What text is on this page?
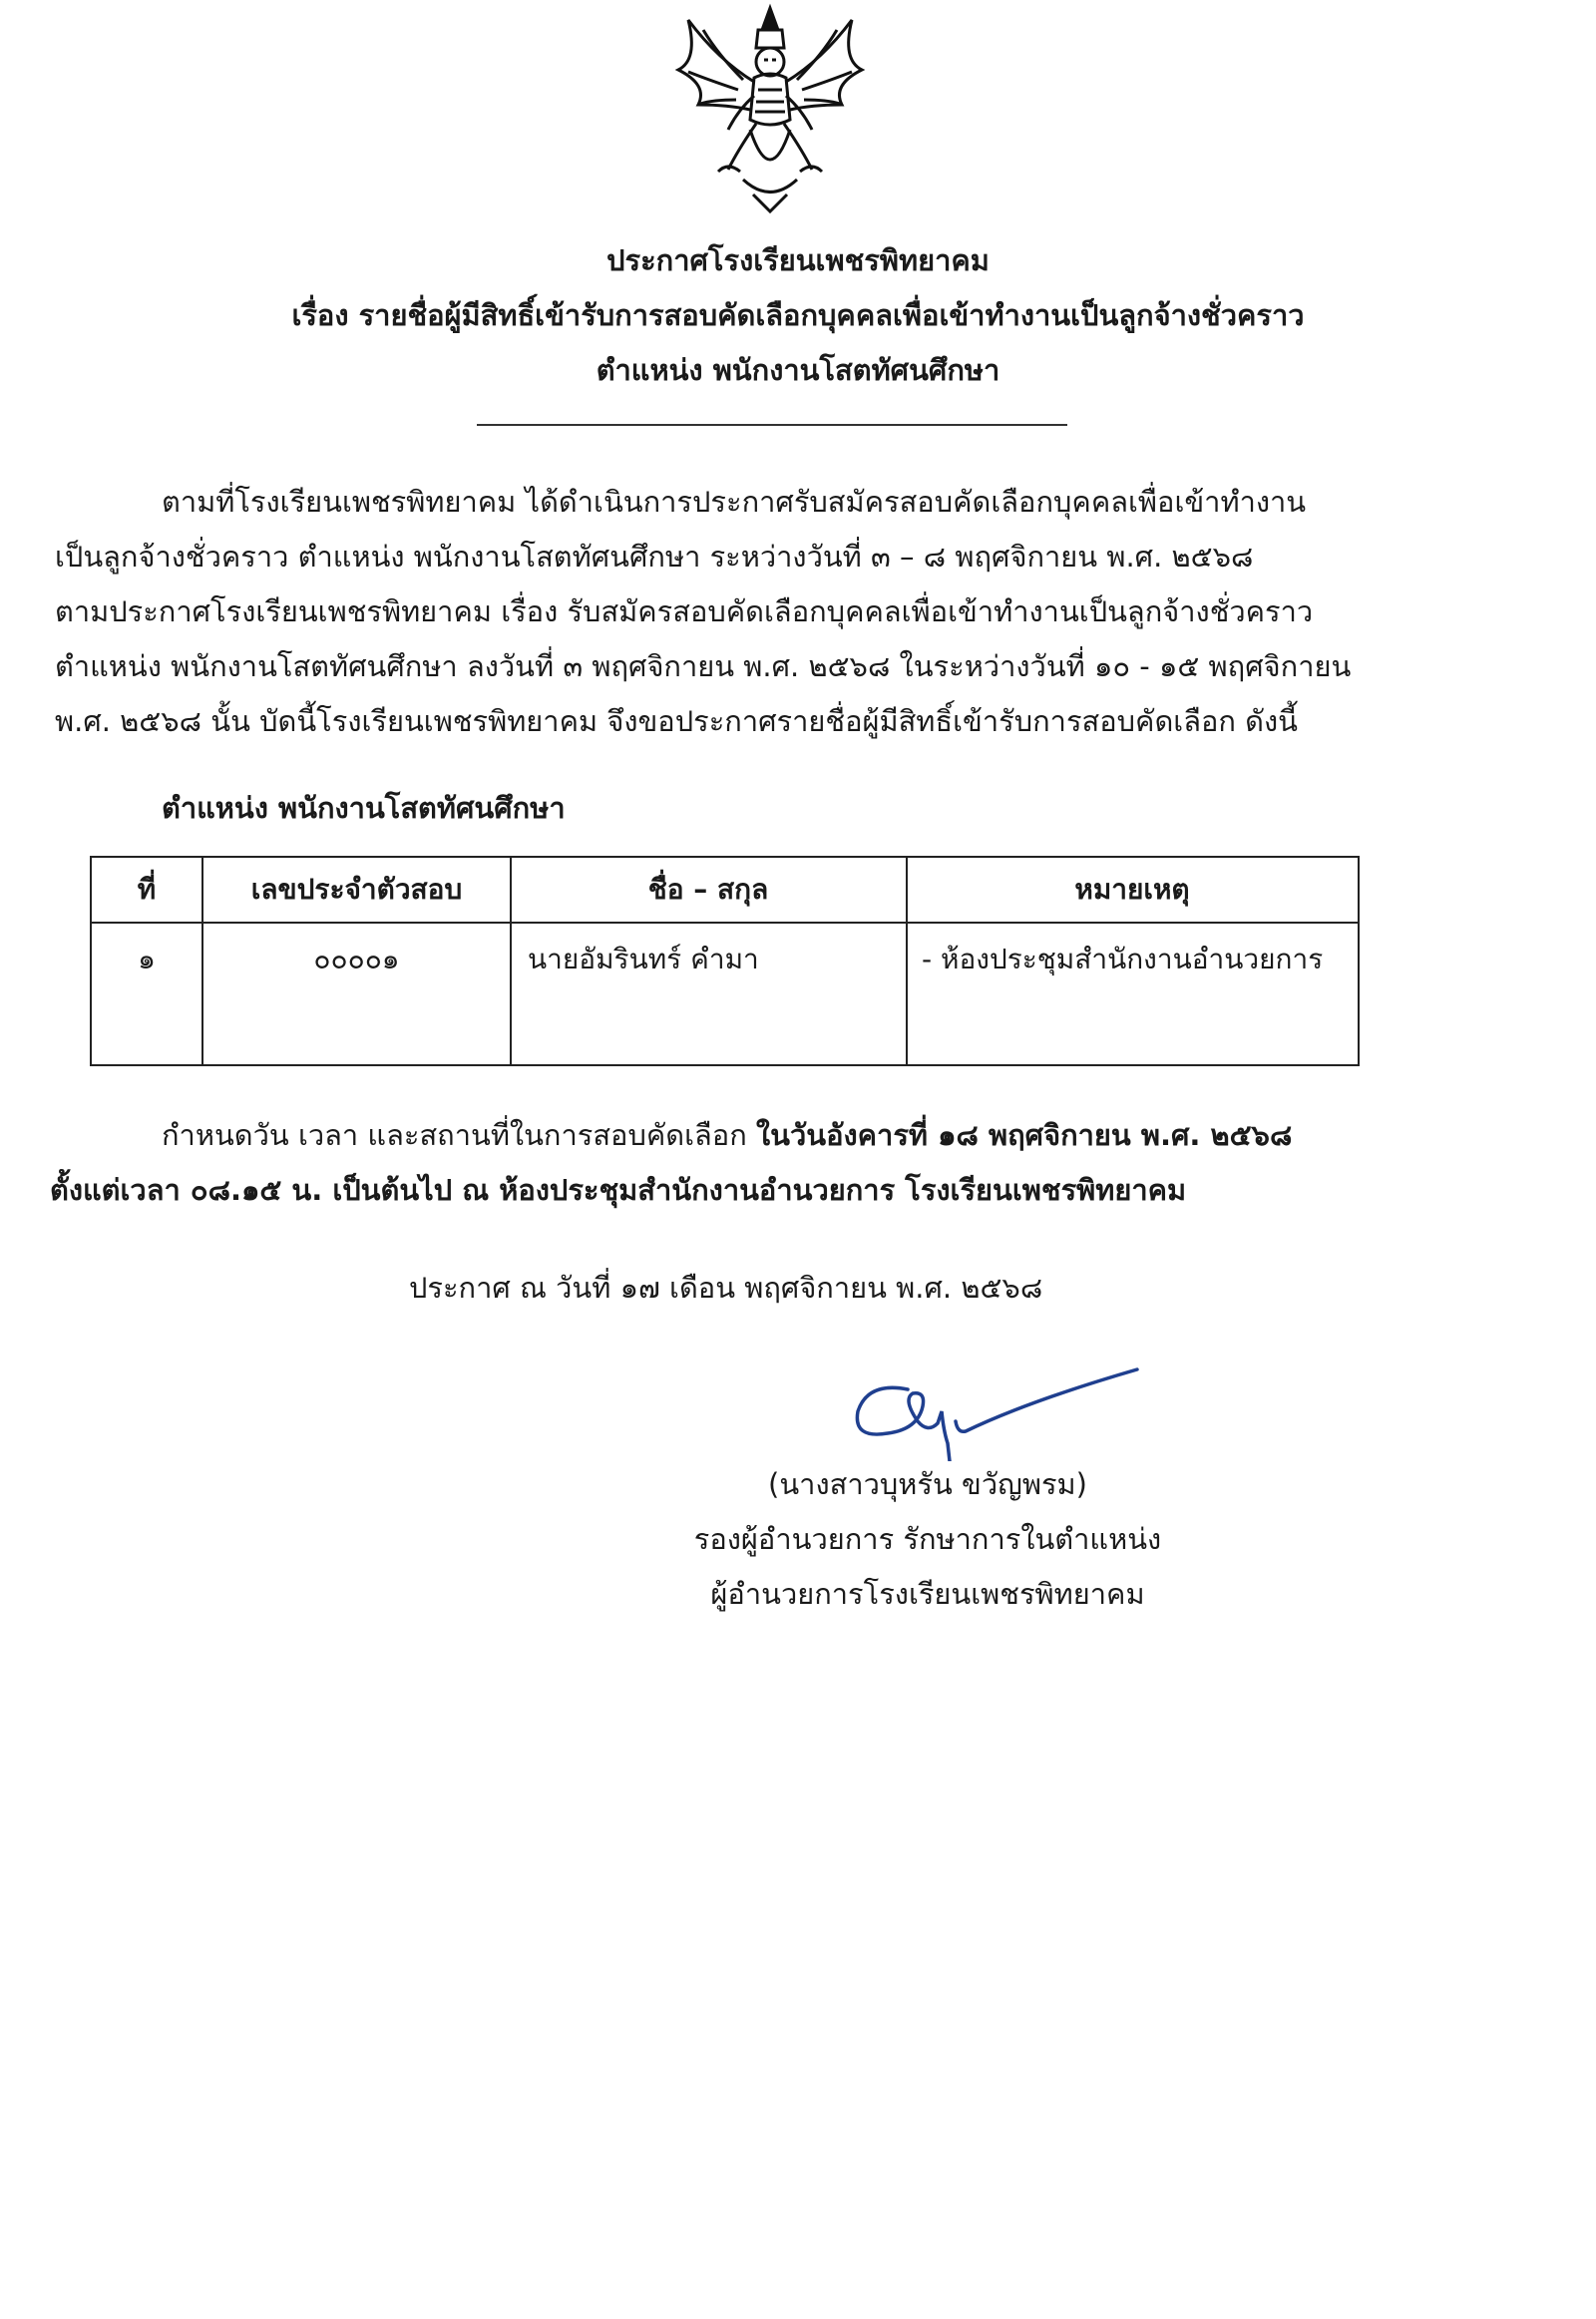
ประกาศโรงเรียนเพชรพิทยาคม
เรื่อง รายชื่อผู้มีสิทธิ์เข้ารับการสอบคัดเลือกบุคคลเพื่อเข้าทำงานเป็นลูกจ้างชั่วคราว
ตำแหน่ง พนักงานโสตทัศนศึกษา
ตามที่โรงเรียนเพชรพิทยาคม ได้ดำเนินการประกาศรับสมัครสอบคัดเลือกบุคคลเพื่อเข้าทำงาน
เป็นลูกจ้างชั่วคราว ตำแหน่ง พนักงานโสตทัศนศึกษา ระหว่างวันที่ ๓ – ๘ พฤศจิกายน พ.ศ. ๒๕๖๘
ตามประกาศโรงเรียนเพชรพิทยาคม เรื่อง รับสมัครสอบคัดเลือกบุคคลเพื่อเข้าทำงานเป็นลูกจ้างชั่วคราว
ตำแหน่ง พนักงานโสตทัศนศึกษา ลงวันที่ ๓ พฤศจิกายน พ.ศ. ๒๕๖๘ ในระหว่างวันที่ ๑๐ - ๑๕ พฤศจิกายน
พ.ศ. ๒๕๖๘ นั้น บัดนี้โรงเรียนเพชรพิทยาคม จึงขอประกาศรายชื่อผู้มีสิทธิ์เข้ารับการสอบคัดเลือก ดังนี้
ตำแหน่ง พนักงานโสตทัศนศึกษา
ที่	เลขประจำตัวสอบ	ชื่อ – สกุล	หมายเหตุ
๑	๐๐๐๐๑	นายอัมรินทร์ คำมา	- ห้องประชุมสำนักงานอำนวยการ
กำหนดวัน เวลา และสถานที่ในการสอบคัดเลือก ในวันอังคารที่ ๑๘ พฤศจิกายน พ.ศ. ๒๕๖๘
ตั้งแต่เวลา ๐๘.๑๕ น. เป็นต้นไป ณ ห้องประชุมสำนักงานอำนวยการ โรงเรียนเพชรพิทยาคม
ประกาศ ณ วันที่ ๑๗ เดือน พฤศจิกายน พ.ศ. ๒๕๖๘
(นางสาวบุหรัน ขวัญพรม)
รองผู้อำนวยการ รักษาการในตำแหน่ง
ผู้อำนวยการโรงเรียนเพชรพิทยาคม
